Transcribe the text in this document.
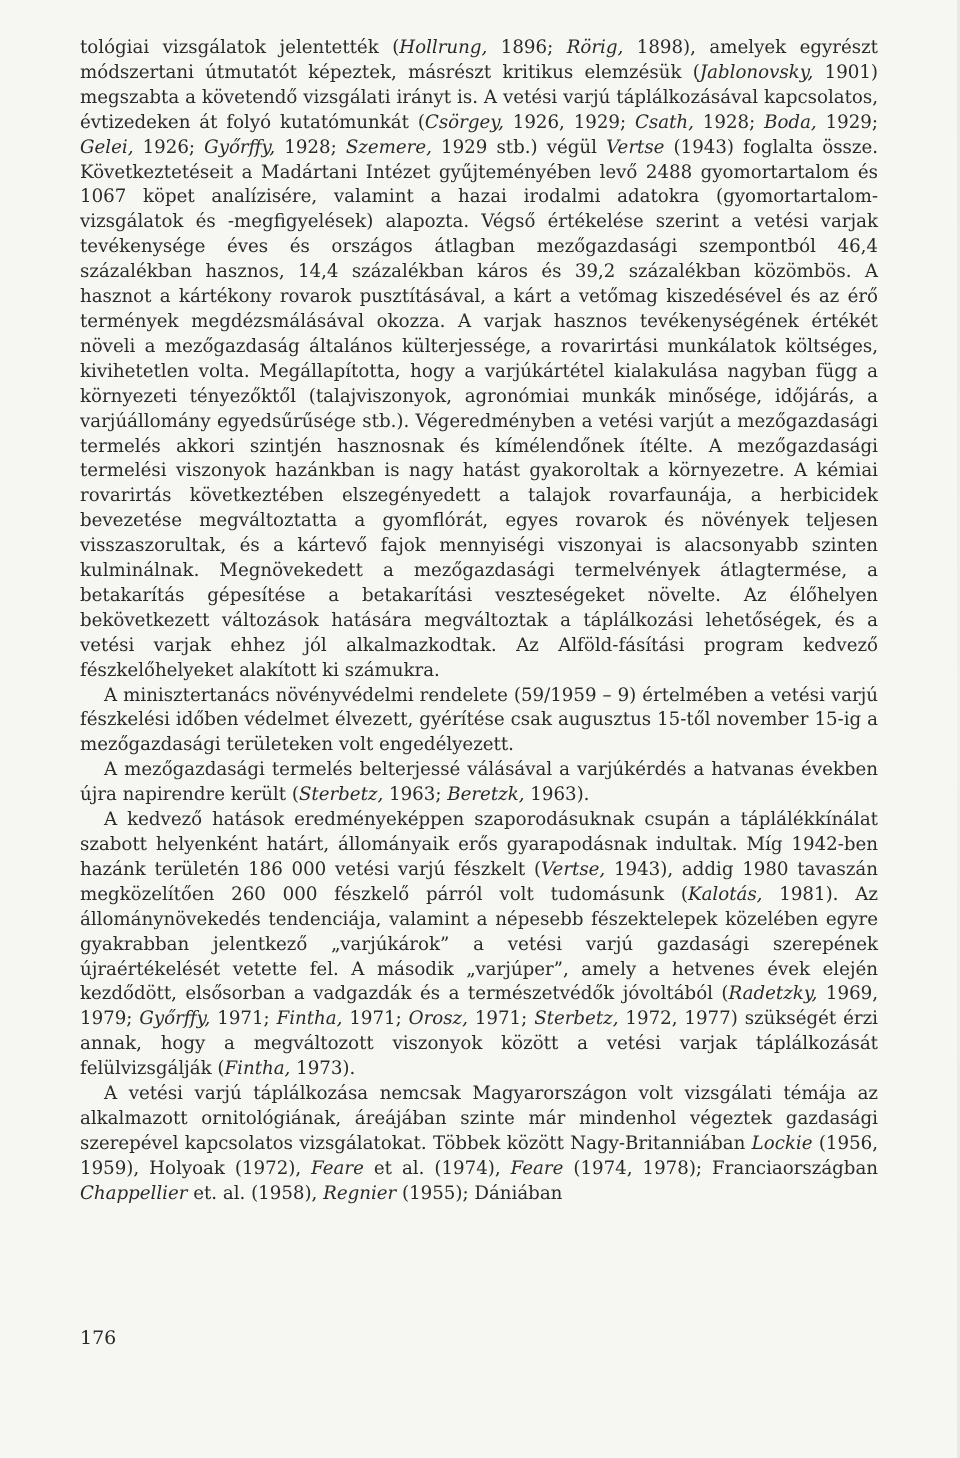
tológiai vizsgálatok jelentették (Hollrung, 1896; Rörig, 1898), amelyek egyrészt módszertani útmutatót képeztek, másrészt kritikus elemzésük (Jablonovsky, 1901) megszabta a követendő vizsgálati irányt is. A vetési varjú táplálkozásával kapcsolatos, évtizedeken át folyó kutatómunkát (Csörgey, 1926, 1929; Csath, 1928; Boda, 1929; Gelei, 1926; Győrffy, 1928; Szemere, 1929 stb.) végül Vertse (1943) foglalta össze. Következtetéseit a Madártani Intézet gyűjteményében levő 2488 gyomortartalom és 1067 köpet analízisére, valamint a hazai irodalmi adatokra (gyomortartalom-vizsgálatok és -megfigyelések) alapozta. Végső értékelése szerint a vetési varjak tevékenysége éves és országos átlagban mezőgazdasági szempontból 46,4 százalékban hasznos, 14,4 százalékban káros és 39,2 százalékban közömbös. A hasznot a kártékony rovarok pusztításával, a kárt a vetőmag kiszedésével és az érő termények megdézsmálásával okozza. A varjak hasznos tevékenységének értékét növeli a mezőgazdaság általános külterjessége, a rovarirtási munkálatok költséges, kivihetetlen volta. Megállapította, hogy a varjúkártétel kialakulása nagyban függ a környezeti tényezőktől (talajviszonyok, agronómiai munkák minősége, időjárás, a varjúállomány egyedsűrűsége stb.). Végeredményben a vetési varjút a mezőgazdasági termelés akkori szintjén hasznosnak és kímélendőnek ítélte. A mezőgazdasági termelési viszonyok hazánkban is nagy hatást gyakoroltak a környezetre. A kémiai rovarirtás következtében elszegényedett a talajok rovarfaunája, a herbicidek bevezetése megváltoztatta a gyomflórát, egyes rovarok és növények teljesen visszaszorultak, és a kártevő fajok mennyiségi viszonyai is alacsonyabb szinten kulminálnak. Megnövekedett a mezőgazdasági termelvények átlagtermése, a betakarítás gépesítése a betakarítási veszteségeket növelte. Az élőhelyen bekövetkezett változások hatására megváltoztak a táplálkozási lehetőségek, és a vetési varjak ehhez jól alkalmazkodtak. Az Alföld-fásítási program kedvező fészkelőhelyeket alakított ki számukra.

A minisztertanács növényvédelmi rendelete (59/1959 – 9) értelmében a vetési varjú fészkelési időben védelmet élvezett, gyérítése csak augusztus 15-től november 15-ig a mezőgazdasági területeken volt engedélyezett.

A mezőgazdasági termelés belterjessé válásával a varjúkérdés a hatvanas években újra napirendre került (Sterbetz, 1963; Beretzk, 1963).

A kedvező hatások eredményeképpen szaporodásuknak csupán a táplálékkínálat szabott helyenként határt, állományaik erős gyarapodásnak indultak. Míg 1942-ben hazánk területén 186 000 vetési varjú fészkelt (Vertse, 1943), addig 1980 tavaszán megközelítően 260 000 fészkelő párról volt tudomásunk (Kalotás, 1981). Az állománynövekedés tendenciája, valamint a népesebb fészektelepek közelében egyre gyakrabban jelentkező „varjúkárok” a vetési varjú gazdasági szerepének újraértékelését vetette fel. A második „varjúper”, amely a hetvenes évek elején kezdődött, elsősorban a vadgazdák és a természetvédők jóvoltából (Radetzky, 1969, 1979; Győrffy, 1971; Fintha, 1971; Orosz, 1971; Sterbetz, 1972, 1977) szükségét érzi annak, hogy a megváltozott viszonyok között a vetési varjak táplálkozását felülvizsgálják (Fintha, 1973).

A vetési varjú táplálkozása nemcsak Magyarországon volt vizsgálati témája az alkalmazott ornitológiának, áreájában szinte már mindenhol végeztek gazdasági szerepével kapcsolatos vizsgálatokat. Többek között Nagy-Britanniában Lockie (1956, 1959), Holyoak (1972), Feare et al. (1974), Feare (1974, 1978); Franciaországban Chappellier et. al. (1958), Regnier (1955); Dániában

176
